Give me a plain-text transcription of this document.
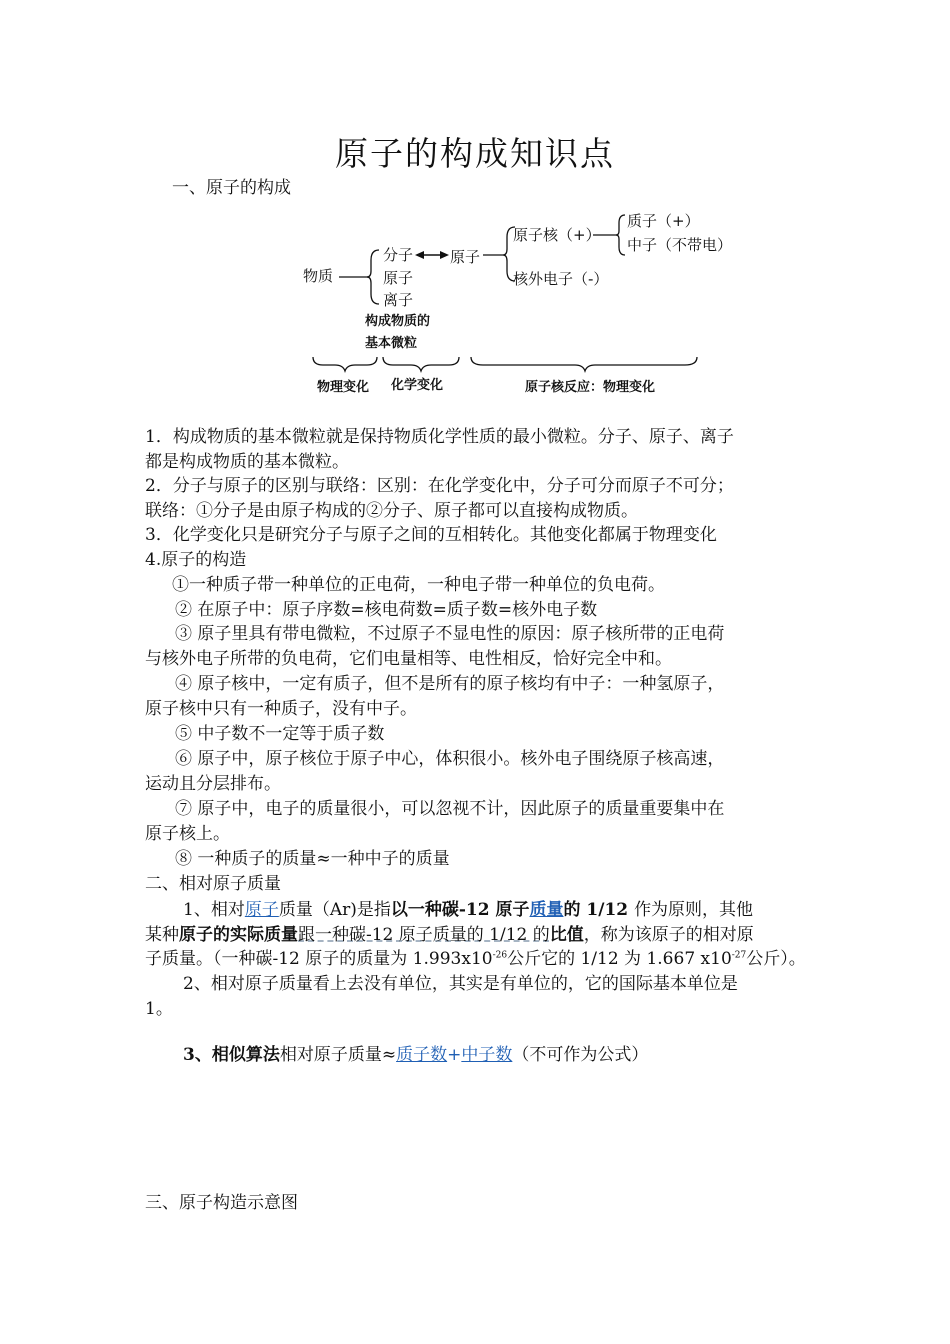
原子的构成知识点
一、原子的构成
物质
分子
原子
离子
原子
原子核（+）
核外电子（-）
质子（+）
中子（不带电）
构成物质的
基本微粒
物理变化 化学变化	原子核反应：物理变化
1．构成物质的基本微粒就是保持物质化学性质的最小微粒。分子、原子、离子
都是构成物质的基本微粒。
2．分子与原子的区别与联络：区别：在化学变化中，分子可分而原子不可分；
联络：①分子是由原子构成的②分子、原子都可以直接构成物质。
3．化学变化只是研究分子与原子之间的互相转化。其他变化都属于物理变化
4.原子的构造
①一种质子带一种单位的正电荷，一种电子带一种单位的负电荷。
② 在原子中：原子序数=核电荷数=质子数=核外电子数
③ 原子里具有带电微粒，不过原子不显电性的原因：原子核所带的正电荷
与核外电子所带的负电荷，它们电量相等、电性相反，恰好完全中和。
④ 原子核中，一定有质子，但不是所有的原子核均有中子：一种氢原子，
原子核中只有一种质子，没有中子。
⑤ 中子数不一定等于质子数
⑥ 原子中，原子核位于原子中心，体积很小。核外电子围绕原子核高速，
运动且分层排布。
⑦ 原子中，电子的质量很小，可以忽视不计，因此原子的质量重要集中在
原子核上。
⑧ 一种质子的质量≈一种中子的质量
二、相对原子质量
1、相对原子质量（Ar)是指以一种碳-12 原子质量的 1/12 作为原则，其他
某种原子的实际质量跟一种碳-12 原子质量的 1/12 的比值，称为该原子的相对原
子质量。（一种碳-12 原子的质量为 $1.993x10^{-26}$公斤它的 1/12 为 1.667 $x10^{-27}$公斤）。
2、相对原子质量看上去没有单位，其实是有单位的，它的国际基本单位是
1。
3、相似算法相对原子质量≈质子数+中子数（不可作为公式）
三、原子构造示意图
